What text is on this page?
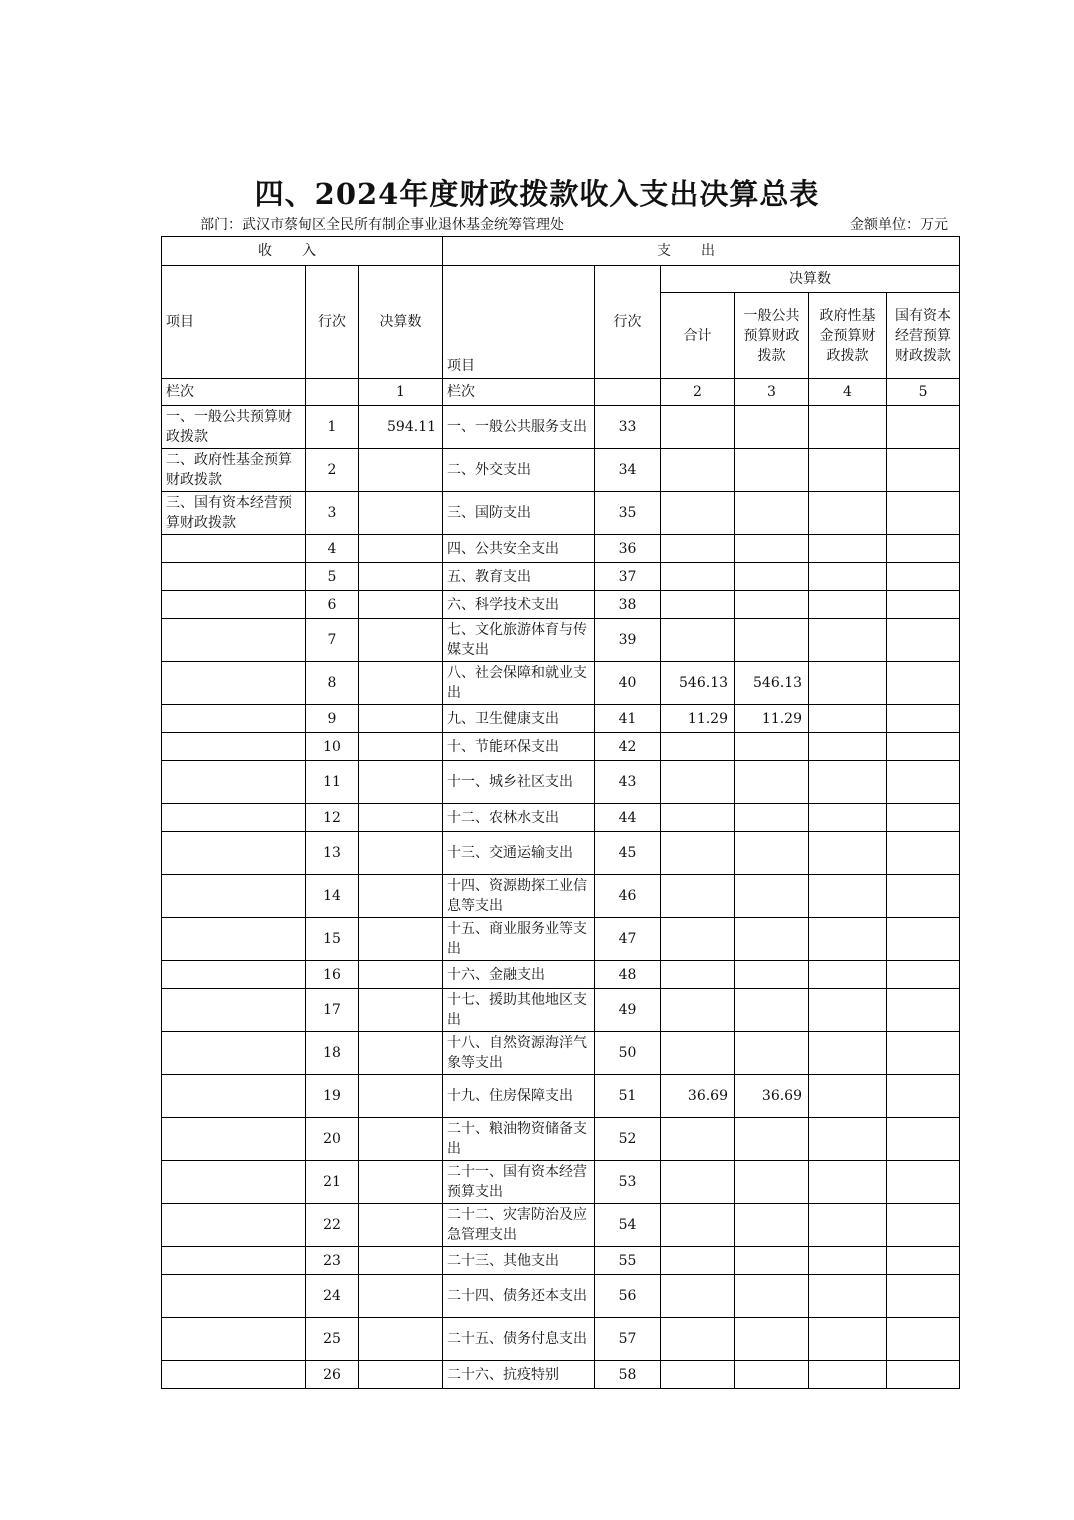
四、2024年度财政拨款收入支出决算总表
部门：武汉市蔡甸区全民所有制企事业退休基金统筹管理处	金额单位：万元
收入			支出					
项目	行次	决算数	项目	行次	决算数			
					合计	一般公共预算财政拨款	政府性基金预算财政拨款	国有资本经营预算财政拨款
栏次		1	栏次		2	3	4	5
一、一般公共预算财政拨款	1	594.11	一、一般公共服务支出	33				
二、政府性基金预算财政拨款	2		二、外交支出	34				
三、国有资本经营预算财政拨款	3		三、国防支出	35				
	4		四、公共安全支出	36				
	5		五、教育支出	37				
	6		六、科学技术支出	38				
	7		七、文化旅游体育与传媒支出	39				
	8		八、社会保障和就业支出	40	546.13	546.13		
	9		九、卫生健康支出	41	11.29	11.29		
	10		十、节能环保支出	42				
	11		十一、城乡社区支出	43				
	12		十二、农林水支出	44				
	13		十三、交通运输支出	45				
	14		十四、资源勘探工业信息等支出	46				
	15		十五、商业服务业等支出	47				
	16		十六、金融支出	48				
	17		十七、援助其他地区支出	49				
	18		十八、自然资源海洋气象等支出	50				
	19		十九、住房保障支出	51	36.69	36.69		
	20		二十、粮油物资储备支出	52				
	21		二十一、国有资本经营预算支出	53				
	22		二十二、灾害防治及应急管理支出	54				
	23		二十三、其他支出	55				
	24		二十四、债务还本支出	56				
	25		二十五、债务付息支出	57				
	26		二十六、抗疫特别	58				
